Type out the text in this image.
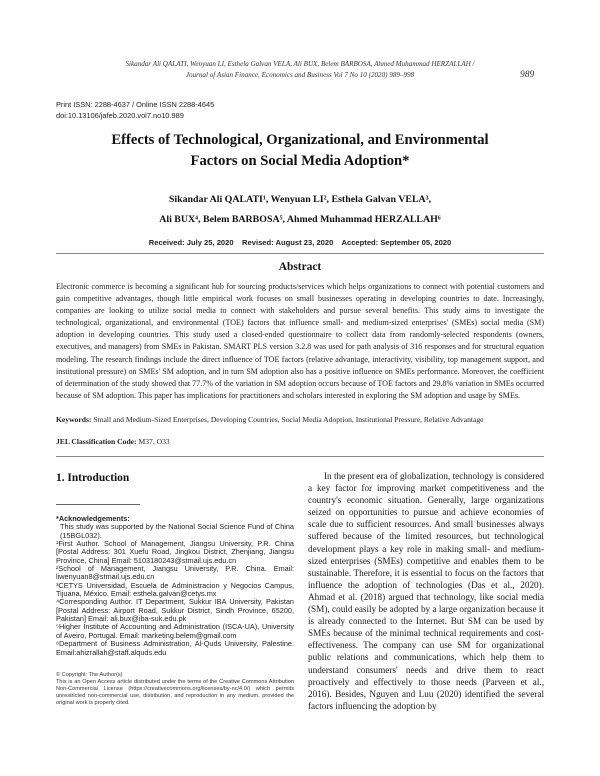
Sikandar Ali QALATI, Wenyuan LI, Esthela Galvan VELA, Ali BUX, Belem BARBOSA, Ahmed Muhammad HERZALLAH /
Journal of Asian Finance, Economics and Business Vol 7 No 10 (2020) 989–998	989
Print ISSN: 2288-4637 / Online ISSN 2288-4645
doi:10.13106/jafeb.2020.vol7.no10.989
Effects of Technological, Organizational, and Environmental
Factors on Social Media Adoption*
Sikandar Ali QALATI¹, Wenyuan LI², Esthela Galvan VELA³,
Ali BUX⁴, Belem BARBOSA⁵, Ahmed Muhammad HERZALLAH⁶
Received: July 25, 2020    Revised: August 23, 2020    Accepted: September 05, 2020
Abstract
Electronic commerce is becoming a significant hub for sourcing products/services which helps organizations to connect with potential customers and gain competitive advantages, though little empirical work focuses on small businesses operating in developing countries to date. Increasingly, companies are looking to utilize social media to connect with stakeholders and pursue several benefits. This study aims to investigate the technological, organizational, and environmental (TOE) factors that influence small- and medium-sized enterprises' (SMEs) social media (SM) adoption in developing countries. This study used a closed-ended questionnaire to collect data from randomly-selected respondents (owners, executives, and managers) from SMEs in Pakistan. SMART PLS version 3.2.8 was used for path analysis of 316 responses and for structural equation modeling. The research findings include the direct influence of TOE factors (relative advantage, interactivity, visibility, top management support, and institutional pressure) on SMEs' SM adoption, and in turn SM adoption also has a positive influence on SMEs performance. Moreover, the coefficient of determination of the study showed that 77.7% of the variation in SM adoption occurs because of TOE factors and 29.8% variation in SMEs occurred because of SM adoption. This paper has implications for practitioners and scholars interested in exploring the SM adoption and usage by SMEs.
Keywords: Small and Medium-Sized Enterprises, Developing Countries, Social Media Adoption, Institutional Pressure, Relative Advantage
JEL Classification Code: M37, O33
1. Introduction

*Acknowledgements:

This study was supported by the National Social Science Fund of China (15BGL032).

¹First Author. School of Management, Jiangsu University, P.R. China [Postal Address: 301 Xuefu Road, Jingkou District, Zhenjiang, Jiangsu Province, China] Email: 5103180243@stmail.ujs.edu.cn

²School of Management, Jiangsu University, P.R. China. Email: liwenyuan8@stmail.ujs.edu.cn

³CETYS Universidad, Escuela de Administracion y Negocios Campus, Tijuana, México. Email: esthela.galvan@cetys.mx

⁴Corresponding Author. IT Department, Sukkur IBA University, Pakistan [Postal Address: Airport Road, Sukkur District, Sindh Province, 65200, Pakistan] Email: ali.bux@iba-suk.edu.pk

⁵Higher Institute of Accounting and Administration (ISCA-UA), University of Aveiro, Portugal. Email: marketing.belem@gmail.com

⁶Department of Business Administration, Al-Quds University, Palestine. Email:ahizrallah@staff.alquds.edu

© Copyright: The Author(s)

This is an Open Access article distributed under the terms of the Creative Commons Attribution Non-Commercial License (https://creativecommons.org/licenses/by-nc/4.0/) which permits unrestricted non-commercial use, distribution, and reproduction in any medium, provided the original work is properly cited.

In the present era of globalization, technology is considered a key factor for improving market competitiveness and the country's economic situation. Generally, large organizations seized on opportunities to pursue and achieve economies of scale due to sufficient resources. And small businesses always suffered because of the limited resources, but technological development plays a key role in making small- and medium-sized enterprises (SMEs) competitive and enables them to be sustainable. Therefore, it is essential to focus on the factors that influence the adoption of technologies (Das et al., 2020). Ahmad et al. (2018) argued that technology, like social media (SM), could easily be adopted by a large organization because it is already connected to the Internet. But SM can be used by SMEs because of the minimal technical requirements and cost-effectiveness. The company can use SM for organizational public relations and communications, which help them to understand consumers' needs and drive them to react proactively and effectively to those needs (Parveen et al., 2016). Besides, Nguyen and Luu (2020) identified the several factors influencing the adoption by
